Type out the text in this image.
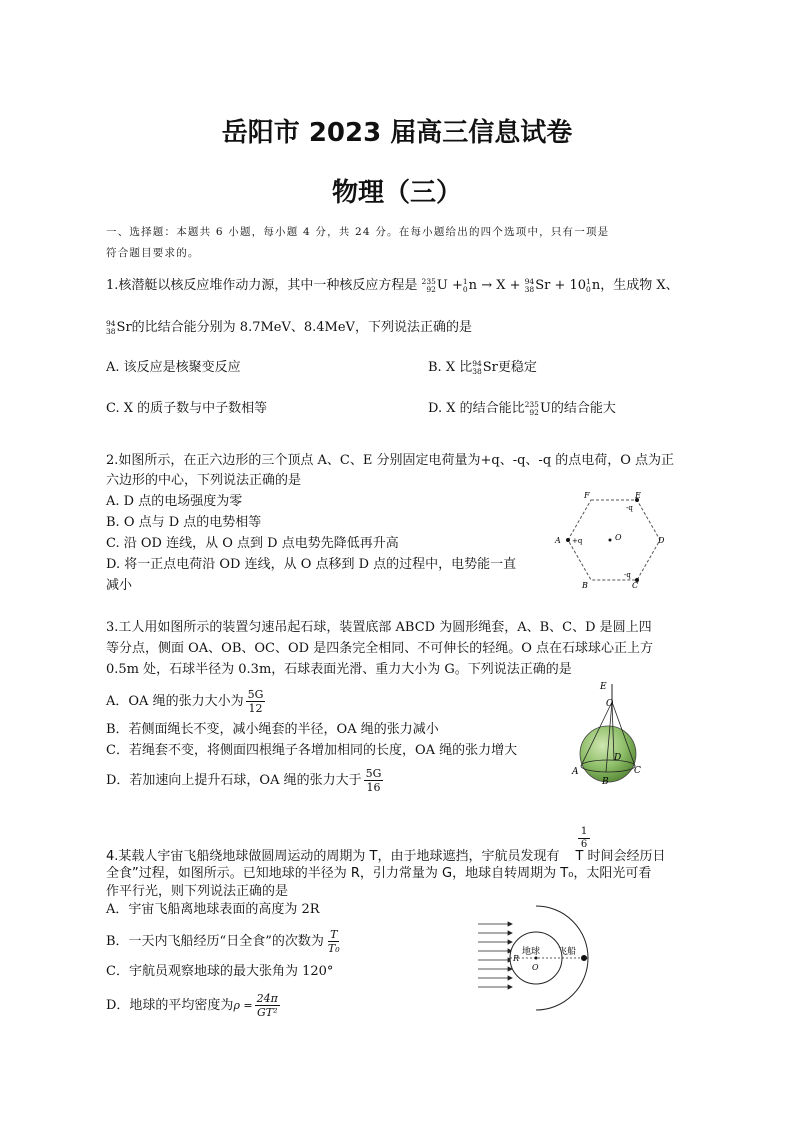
岳阳市 2023 届高三信息试卷
物理（三）
一、选择题：本题共 6 小题，每小题 4 分，共 24 分。在每小题给出的四个选项中，只有一项是
符合题目要求的。
1.核潜艇以核反应堆作动力源，其中一种核反应方程是 235
92 U + 1
0 n → X + 94
38 Sr + 10 1
0 n，生成物 X、
94
38 Sr的比结合能分别为 8.7MeV、8.4MeV，下列说法正确的是
A. 该反应是核聚变反应	B. X 比 94
38 Sr更稳定
C. X 的质子数与中子数相等	D. X 的结合能比 235
92 U的结合能大
2.如图所示，在正六边形的三个顶点 A、C、E 分别固定电荷量为+q、-q、-q 的点电荷，O 点为正
六边形的中心，下列说法正确的是
A. D 点的电场强度为零
B. O 点与 D 点的电势相等
C. 沿 OD 连线，从 O 点到 D 点电势先降低再升高
D. 将一正点电荷沿 OD 连线，从 O 点移到 D 点的过程中，电势能一直
减小
F	E
-q
D
O
A +q
-q
B	C
3.工人用如图所示的装置匀速吊起石球，装置底部 ABCD 为圆形绳套，A、B、C、D 是圆上四
等分点，侧面 OA、OB、OC、OD 是四条完全相同、不可伸长的轻绳。O 点在石球球心正上方
0.5m 处，石球半径为 0.3m，石球表面光滑、重力大小为 G。下列说法正确的是
A．OA 绳的张力大小为 $\frac{5G}{12}$
B．若侧面绳长不变，减小绳套的半径，OA 绳的张力减小
C．若绳套不变，将侧面四根绳子各增加相同的长度，OA 绳的张力增大
D．若加速向上提升石球，OA 绳的张力大于 $\frac{5G}{16}$
E
O
D
A
B
C
1
6
4.某载人宇宙飞船绕地球做圆周运动的周期为 T，由于地球遮挡，宇航员发现有 T 时间会经历日
全食”过程，如图所示。已知地球的半径为 R，引力常量为 G，地球自转周期为 T₀，太阳光可看
作平行光，则下列说法正确的是
A．宇宙飞船离地球表面的高度为 2R
B．一天内飞船经历“日全食”的次数为 $\frac{T}{\text{T₀}}$
C．宇航员观察地球的最大张角为 120°
D．地球的平均密度为$\rho = \frac{24\pi}{\text{GT²}}$
地球 飞船
R
O
